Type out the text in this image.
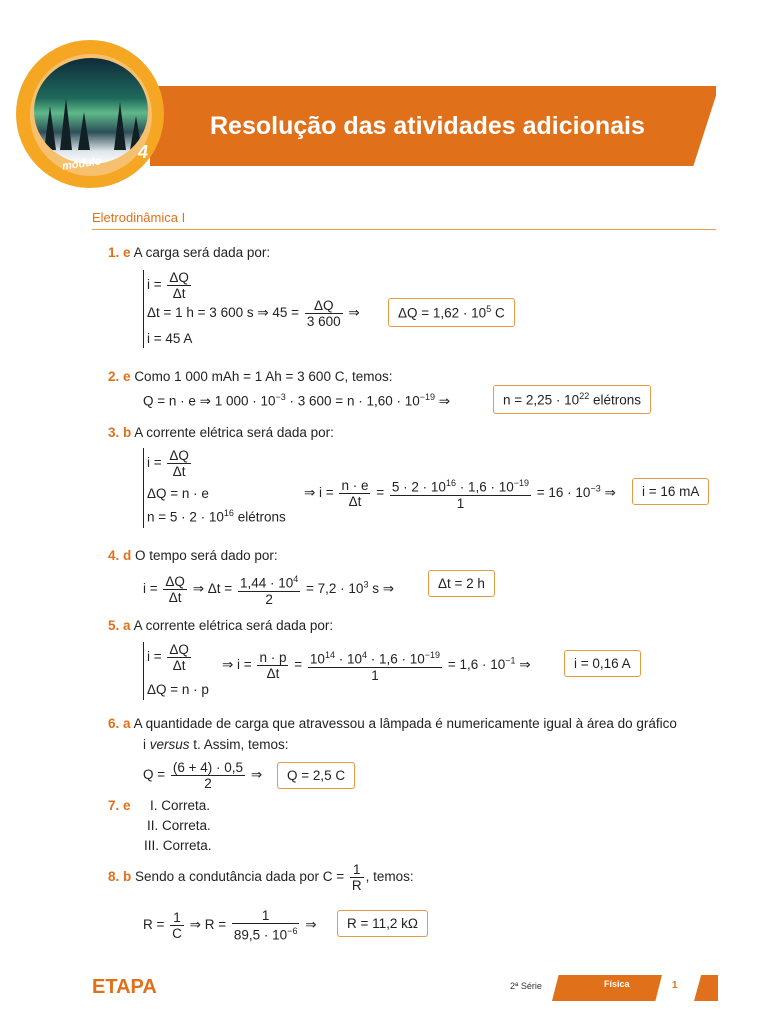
4
módulo
Resolução das atividades adicionais
Eletrodinâmica I
1. e A carga será dada por:
$i = \frac{\Delta Q}{\Delta t}$
Δt = 1 h = 3 600 s ⇒ $45 = \frac{\Delta Q}{3 600}$ ⇒
i = 45 A
$\Delta Q = 1,62 \cdot 10^5$ C
2. e Como 1 000 mAh = 1 Ah = 3 600 C, temos:
Q = n · e ⇒ 1 $000 \cdot 10^{-3} \cdot 3$ $600 = n \cdot 1,60 \cdot 10^{-19}$ ⇒	$n = 2,25 \cdot 10^{22}$ elétrons
3. b A corrente elétrica será dada por:
$i = \frac{\Delta Q}{\Delta t}$
ΔQ = n · e
$n = 5 \cdot 2 \cdot 10^{16}$ elétrons
⇒ $i = \frac{n \cdot e}{\Delta t} = \frac{5 \cdot 2 \cdot 10^{16} \cdot 1,6 \cdot 10^{-19}}{1} = 16 \cdot 10^{-3}$ ⇒	i = 16 mA
4. d O tempo será dado por:
$i = \frac{\Delta Q}{\Delta t}$ ⇒ $\Delta t = \frac{1,44 \cdot 10^4}{2} = 7,2 \cdot 10^3$ s ⇒	Δt = 2 h
5. a A corrente elétrica será dada por:
$i = \frac{\Delta Q}{\Delta t}$
ΔQ = n · p
⇒ $i = \frac{n \cdot p}{\Delta t} = \frac{10^{14} \cdot 10^4 \cdot 1,6 \cdot 10^{-19}}{1} = 1,6 \cdot 10^{-1}$ ⇒	i = 0,16 A
6. a A quantidade de carga que atravessou a lâmpada é numericamente igual à área do gráfico
i versus t. Assim, temos:
$Q = \frac{(6 + 4) \cdot 0,5}{2}$ ⇒	Q = 2,5 C
7. e I. Correta.
II. Correta.
III. Correta.
8. b Sendo a condutância dada por $C = \frac{1}{R}$ , temos:
$R = \frac{1}{C}$ ⇒ $R = \frac{1}{89,5 \cdot 10^{-6}}$ ⇒	R = 11,2 kΩ
ETAPA	2ª Série	Física	1
